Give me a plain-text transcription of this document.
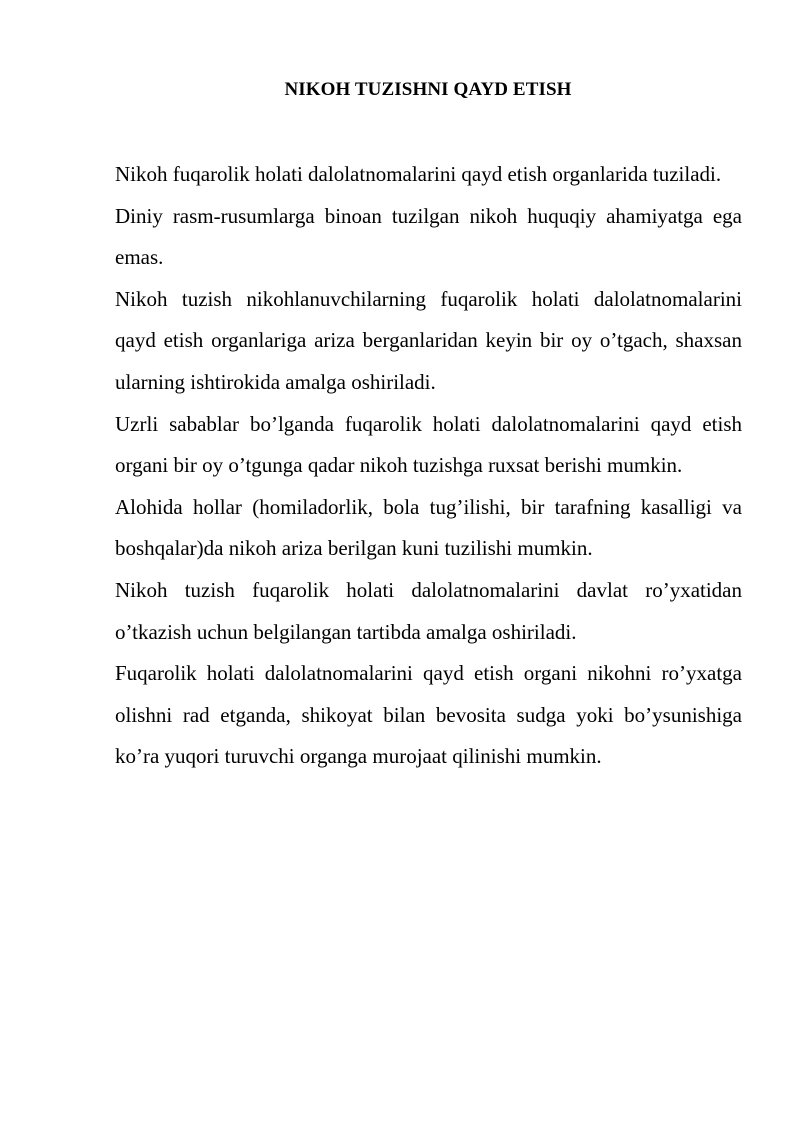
NIKOH TUZISHNI QAYD ETISH

Nikoh fuqarolik holati dalolatnomalarini qayd etish organlarida tuziladi.

Diniy rasm-rusumlarga binoan tuzilgan nikoh huquqiy ahamiyatga ega emas.

Nikoh tuzish nikohlanuvchilarning fuqarolik holati dalolatnomalarini qayd etish organlariga ariza berganlaridan keyin bir oy o’tgach, shaxsan ularning ishtirokida amalga oshiriladi.

Uzrli sabablar bo’lganda fuqarolik holati dalolatnomalarini qayd etish organi bir oy o’tgunga qadar nikoh tuzishga ruxsat berishi mumkin.

Alohida hollar (homiladorlik, bola tug’ilishi, bir tarafning kasalligi va boshqalar)da nikoh ariza berilgan kuni tuzilishi mumkin.

Nikoh tuzish fuqarolik holati dalolatnomalarini davlat ro’yxatidan o’tkazish uchun belgilangan tartibda amalga oshiriladi.

Fuqarolik holati dalolatnomalarini qayd etish organi nikohni ro’yxatga olishni rad etganda, shikoyat bilan bevosita sudga yoki bo’ysunishiga ko’ra yuqori turuvchi organga murojaat qilinishi mumkin.
